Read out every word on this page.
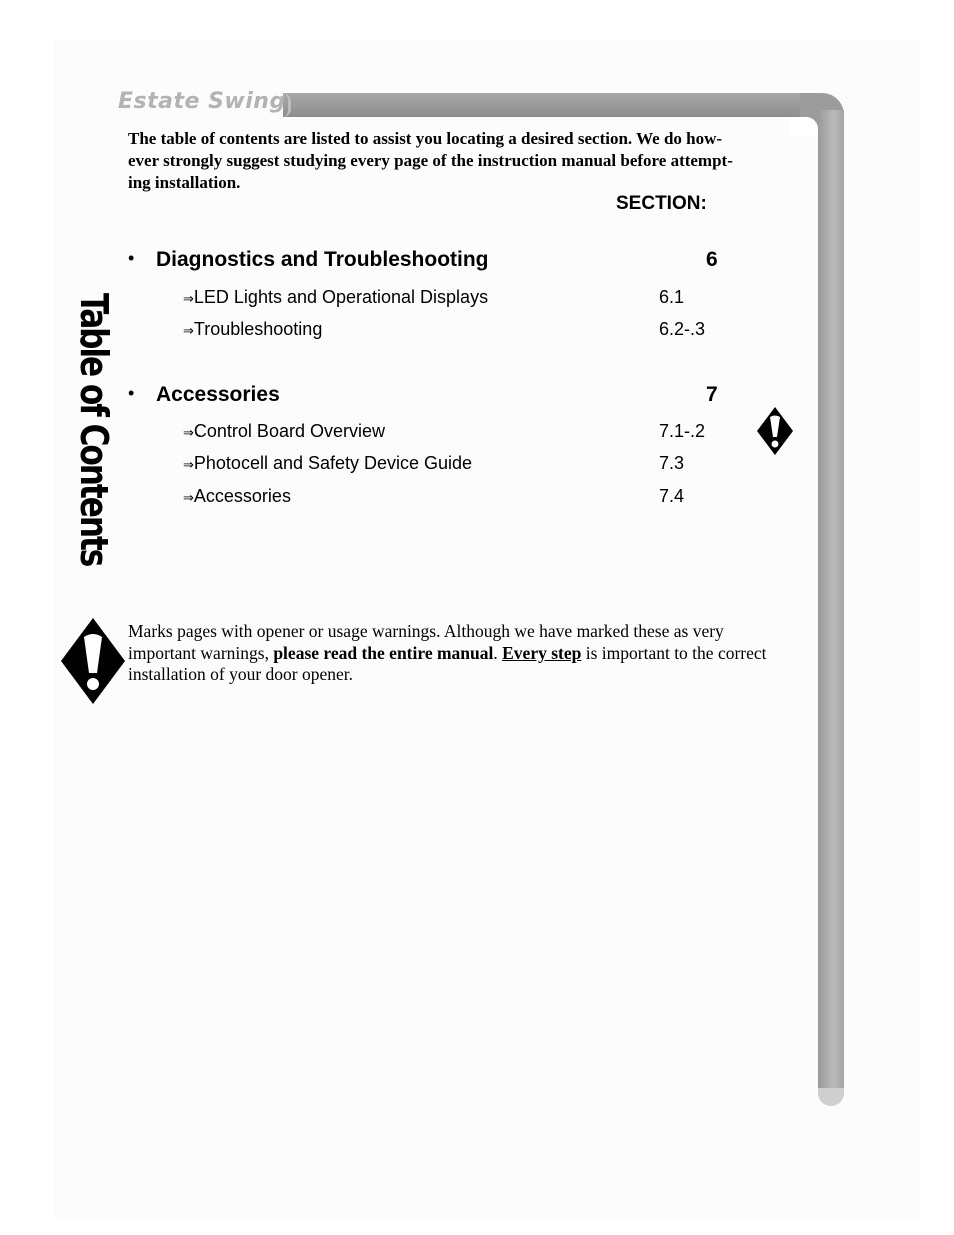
Estate Swing
The table of contents are listed to assist you locating a desired section. We do how-
ever strongly suggest studying every page of the instruction manual before attempt-
ing installation.
SECTION:
Table of Contents
• Diagnostics and Troubleshooting	6
⇒LED Lights and Operational Displays	6.1
⇒Troubleshooting	6.2-.3
• Accessories	7
⇒Control Board Overview	7.1-.2
⇒Photocell and Safety Device Guide	7.3
⇒Accessories	7.4
Marks pages with opener or usage warnings. Although we have marked these as very important warnings, please read the entire manual. Every step is important to the correct installation of your door opener.
